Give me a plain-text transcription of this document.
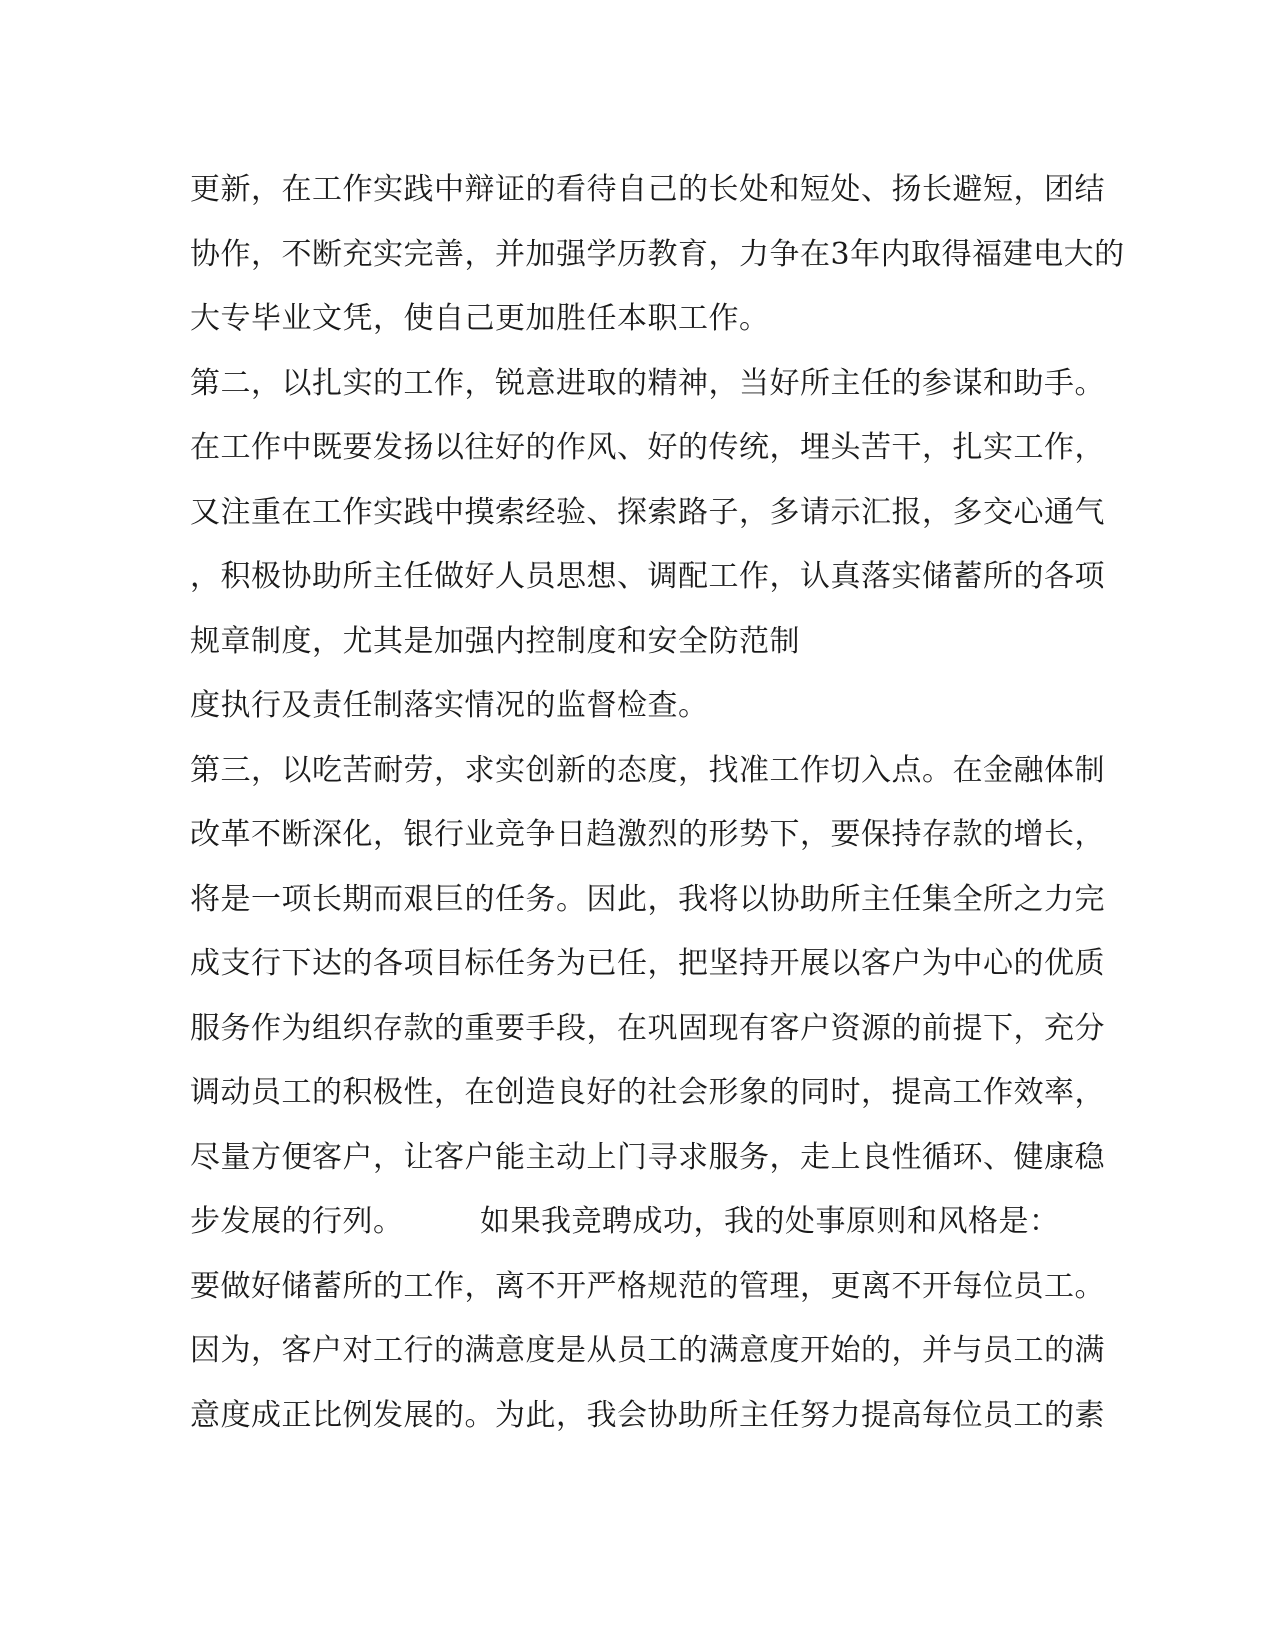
更新，在工作实践中辩证的看待自己的长处和短处、扬长避短，团结
协作，不断充实完善，并加强学历教育，力争在3年内取得福建电大的
大专毕业文凭，使自己更加胜任本职工作。
第二，以扎实的工作，锐意进取的精神，当好所主任的参谋和助手。
在工作中既要发扬以往好的作风、好的传统，埋头苦干，扎实工作，
又注重在工作实践中摸索经验、探索路子，多请示汇报，多交心通气
，积极协助所主任做好人员思想、调配工作，认真落实储蓄所的各项
规章制度，尤其是加强内控制度和安全防范制
度执行及责任制落实情况的监督检查。
第三，以吃苦耐劳，求实创新的态度，找准工作切入点。在金融体制
改革不断深化，银行业竞争日趋激烈的形势下，要保持存款的增长，
将是一项长期而艰巨的任务。因此，我将以协助所主任集全所之力完
成支行下达的各项目标任务为已任，把坚持开展以客户为中心的优质
服务作为组织存款的重要手段，在巩固现有客户资源的前提下，充分
调动员工的积极性，在创造良好的社会形象的同时，提高工作效率，
尽量方便客户，让客户能主动上门寻求服务，走上良性循环、健康稳
步发展的行列。　　　如果我竞聘成功，我的处事原则和风格是：
要做好储蓄所的工作，离不开严格规范的管理，更离不开每位员工。
因为，客户对工行的满意度是从员工的满意度开始的，并与员工的满
意度成正比例发展的。为此，我会协助所主任努力提高每位员工的素
